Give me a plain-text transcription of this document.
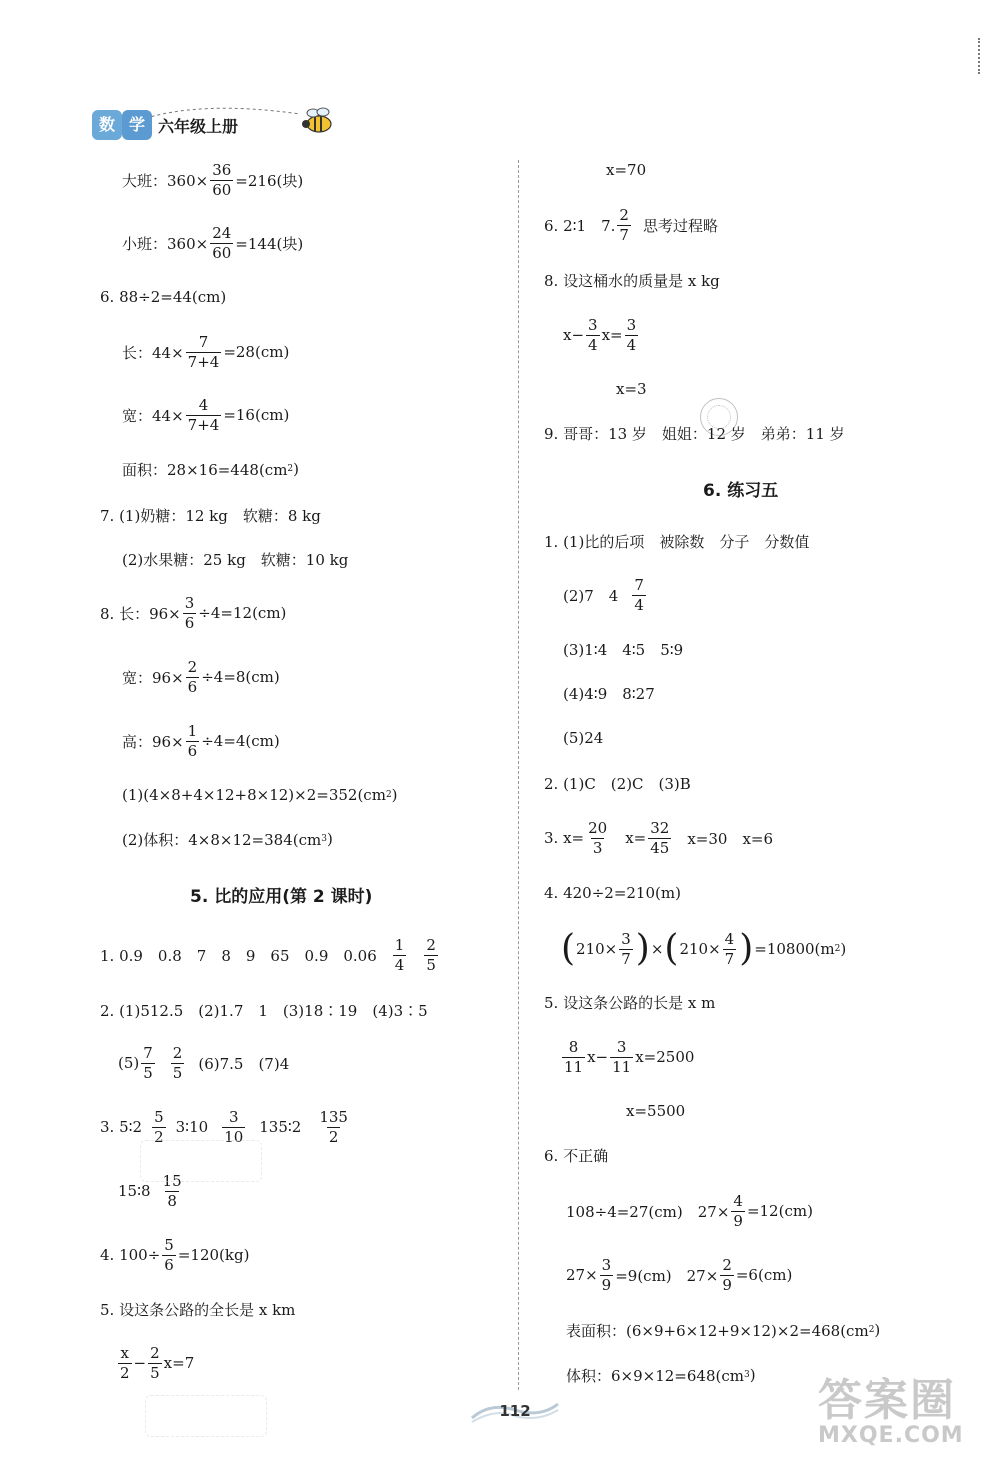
数 学 六年级上册
大班：$360\times \frac{36}{60} =216$(块)
小班：$360\times \frac{24}{60} =144$(块)
6. 88÷2=44(cm)
长：$44\times \frac{7}{7+4} =28(cm)$
宽：$44\times \frac{4}{7+4} =16(cm)$
面积：28×16=448(cm 2 )
7. (1)奶糖：12 kg　软糖：8 kg
(2)水果糖：25 kg　软糖：10 kg
8. 长：$96\times \frac{3}{6} \div 4=12(cm)$
宽：$96\times \frac{2}{6} \div 4=8(cm)$
高：$96\times \frac{1}{6} \div 4=4(cm)$
(1)(4×8+4×12+8×12)×2=352(cm 2 )
(2)体积：4×8×12=384(cm 3 )
5. 比的应用(第 2 课时)
1. 0.9　0.8　7　8　9　65　0.9　$0.06 \frac{1}{4} \frac{2}{5}$
2. (1)512.5　(2)1.7　1　(3)18∶19　(4)3∶5
$(5) \frac{7}{5} \frac{2}{5} (6)7.5$　(7)4
3. 5∶2 $\frac{5}{2}$ 3∶10 $\frac{3}{10}$ 135∶2 $\frac{135}{2}$
15∶8 $\frac{15}{8}$
4. $100\div \frac{5}{6} =120(kg)$
5. 设这条公路的全长是 x km
$\frac{x}{2} - \frac{2}{5} x=7$
x=70
6. 2∶1　7. $\frac{2}{7}$ 思考过程略
8. 设这桶水的质量是 x kg
$x- \frac{3}{4} x= \frac{3}{4}$
x=3
9. 哥哥：13 岁　姐姐：12 岁　弟弟：11 岁
6. 练习五
1. (1)比的后项　被除数　分子　分数值
(2)7　$4 \frac{7}{4}$
(3)1∶4　4∶5　5∶9
(4)4∶9　8∶27
(5)24
2. (1)C　(2)C　(3)B
3. $x= \frac{20}{3} x= \frac{32}{45} x=30$　x=6
4. 420÷2=210(m)
( $210\times \frac{3}{7}$ ) × ( $210\times \frac{4}{7}$ ) =10800(m 2 )
5. 设这条公路的长是 x m
$\frac{8}{11} x- \frac{3}{11} x=2500$
x=5500
6. 不正确
108÷4=27(cm)　$27\times \frac{4}{9} =12(cm)$
$27\times \frac{3}{9} =9(cm)$　$27\times \frac{2}{9} =6(cm)$
表面积：(6×9+6×12+9×12)×2=468(cm 2 )
体积：6×9×12=648(cm 3 )
112	答案圈
MXQE.COM
